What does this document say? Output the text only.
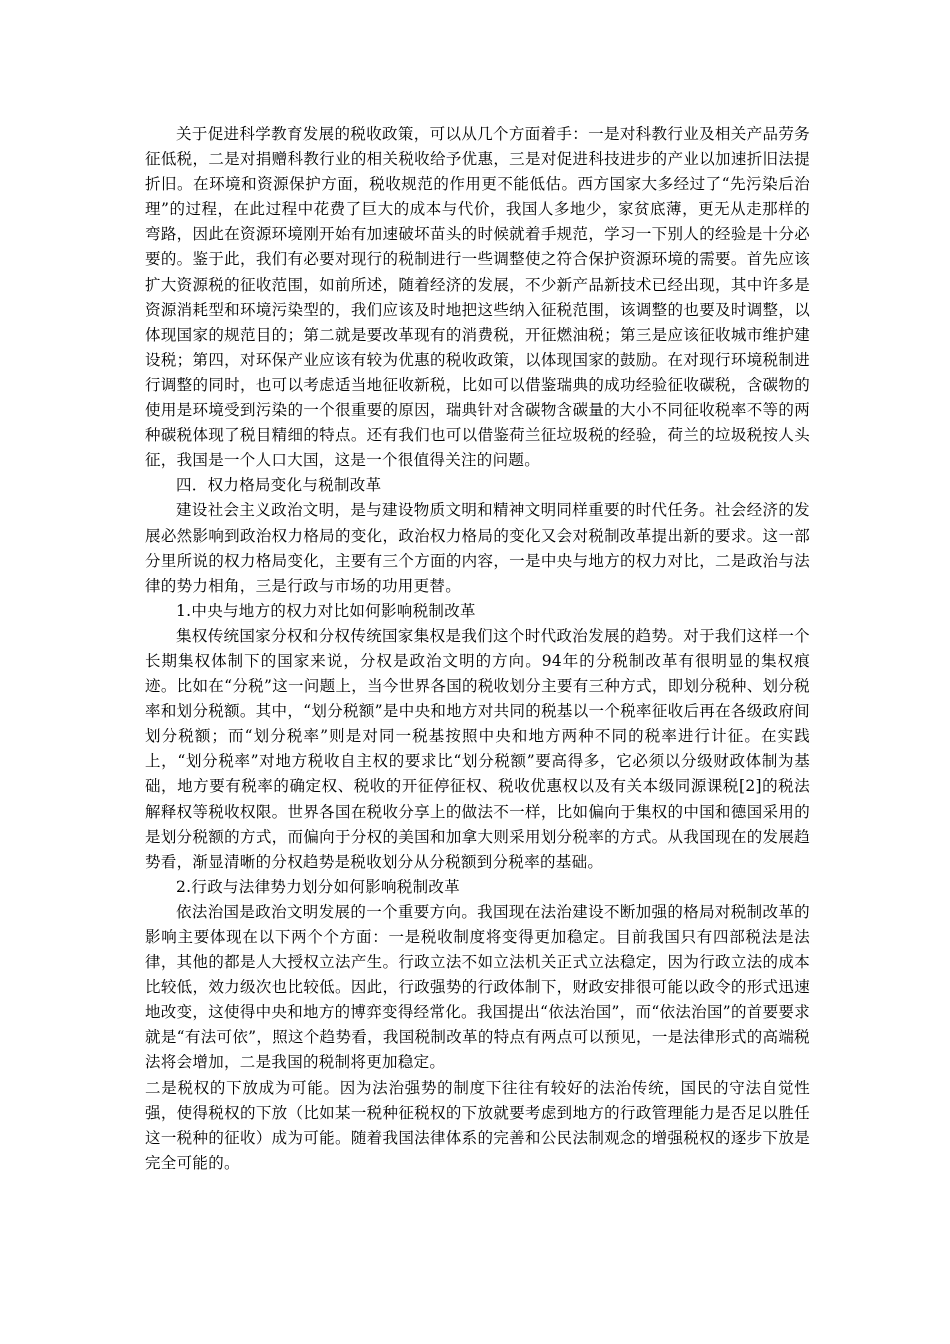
关于促进科学教育发展的税收政策，可以从几个方面着手：一是对科教行业及相关产品劳务征低税，二是对捐赠科教行业的相关税收给予优惠，三是对促进科技进步的产业以加速折旧法提折旧。在环境和资源保护方面，税收规范的作用更不能低估。西方国家大多经过了“先污染后治理”的过程，在此过程中花费了巨大的成本与代价，我国人多地少，家贫底薄，更无从走那样的弯路，因此在资源环境刚开始有加速破坏苗头的时候就着手规范，学习一下别人的经验是十分必要的。鉴于此，我们有必要对现行的税制进行一些调整使之符合保护资源环境的需要。首先应该扩大资源税的征收范围，如前所述，随着经济的发展，不少新产品新技术已经出现，其中许多是资源消耗型和环境污染型的，我们应该及时地把这些纳入征税范围，该调整的也要及时调整，以体现国家的规范目的；第二就是要改革现有的消费税，开征燃油税；第三是应该征收城市维护建设税；第四，对环保产业应该有较为优惠的税收政策，以体现国家的鼓励。在对现行环境税制进行调整的同时，也可以考虑适当地征收新税，比如可以借鉴瑞典的成功经验征收碳税，含碳物的使用是环境受到污染的一个很重要的原因，瑞典针对含碳物含碳量的大小不同征收税率不等的两种碳税体现了税目精细的特点。还有我们也可以借鉴荷兰征垃圾税的经验，荷兰的垃圾税按人头征，我国是一个人口大国，这是一个很值得关注的问题。

四．权力格局变化与税制改革

建设社会主义政治文明，是与建设物质文明和精神文明同样重要的时代任务。社会经济的发展必然影响到政治权力格局的变化，政治权力格局的变化又会对税制改革提出新的要求。这一部分里所说的权力格局变化，主要有三个方面的内容，一是中央与地方的权力对比，二是政治与法律的势力相角，三是行政与市场的功用更替。

1.中央与地方的权力对比如何影响税制改革

集权传统国家分权和分权传统国家集权是我们这个时代政治发展的趋势。对于我们这样一个长期集权体制下的国家来说，分权是政治文明的方向。94年的分税制改革有很明显的集权痕迹。比如在“分税”这一问题上，当今世界各国的税收划分主要有三种方式，即划分税种、划分税率和划分税额。其中，“划分税额”是中央和地方对共同的税基以一个税率征收后再在各级政府间划分税额；而“划分税率”则是对同一税基按照中央和地方两种不同的税率进行计征。在实践上，“划分税率”对地方税收自主权的要求比“划分税额”要高得多，它必须以分级财政体制为基础，地方要有税率的确定权、税收的开征停征权、税收优惠权以及有关本级同源课税[2]的税法解释权等税收权限。世界各国在税收分享上的做法不一样，比如偏向于集权的中国和德国采用的是划分税额的方式，而偏向于分权的美国和加拿大则采用划分税率的方式。从我国现在的发展趋势看，渐显清晰的分权趋势是税收划分从分税额到分税率的基础。

2.行政与法律势力划分如何影响税制改革

依法治国是政治文明发展的一个重要方向。我国现在法治建设不断加强的格局对税制改革的影响主要体现在以下两个个方面：一是税收制度将变得更加稳定。目前我国只有四部税法是法律，其他的都是人大授权立法产生。行政立法不如立法机关正式立法稳定，因为行政立法的成本比较低，效力级次也比较低。因此，行政强势的行政体制下，财政安排很可能以政令的形式迅速地改变，这使得中央和地方的博弈变得经常化。我国提出“依法治国”，而“依法治国”的首要要求就是“有法可依”，照这个趋势看，我国税制改革的特点有两点可以预见，一是法律形式的高端税法将会增加，二是我国的税制将更加稳定。

二是税权的下放成为可能。因为法治强势的制度下往往有较好的法治传统，国民的守法自觉性强，使得税权的下放（比如某一税种征税权的下放就要考虑到地方的行政管理能力是否足以胜任这一税种的征收）成为可能。随着我国法律体系的完善和公民法制观念的增强税权的逐步下放是完全可能的。
